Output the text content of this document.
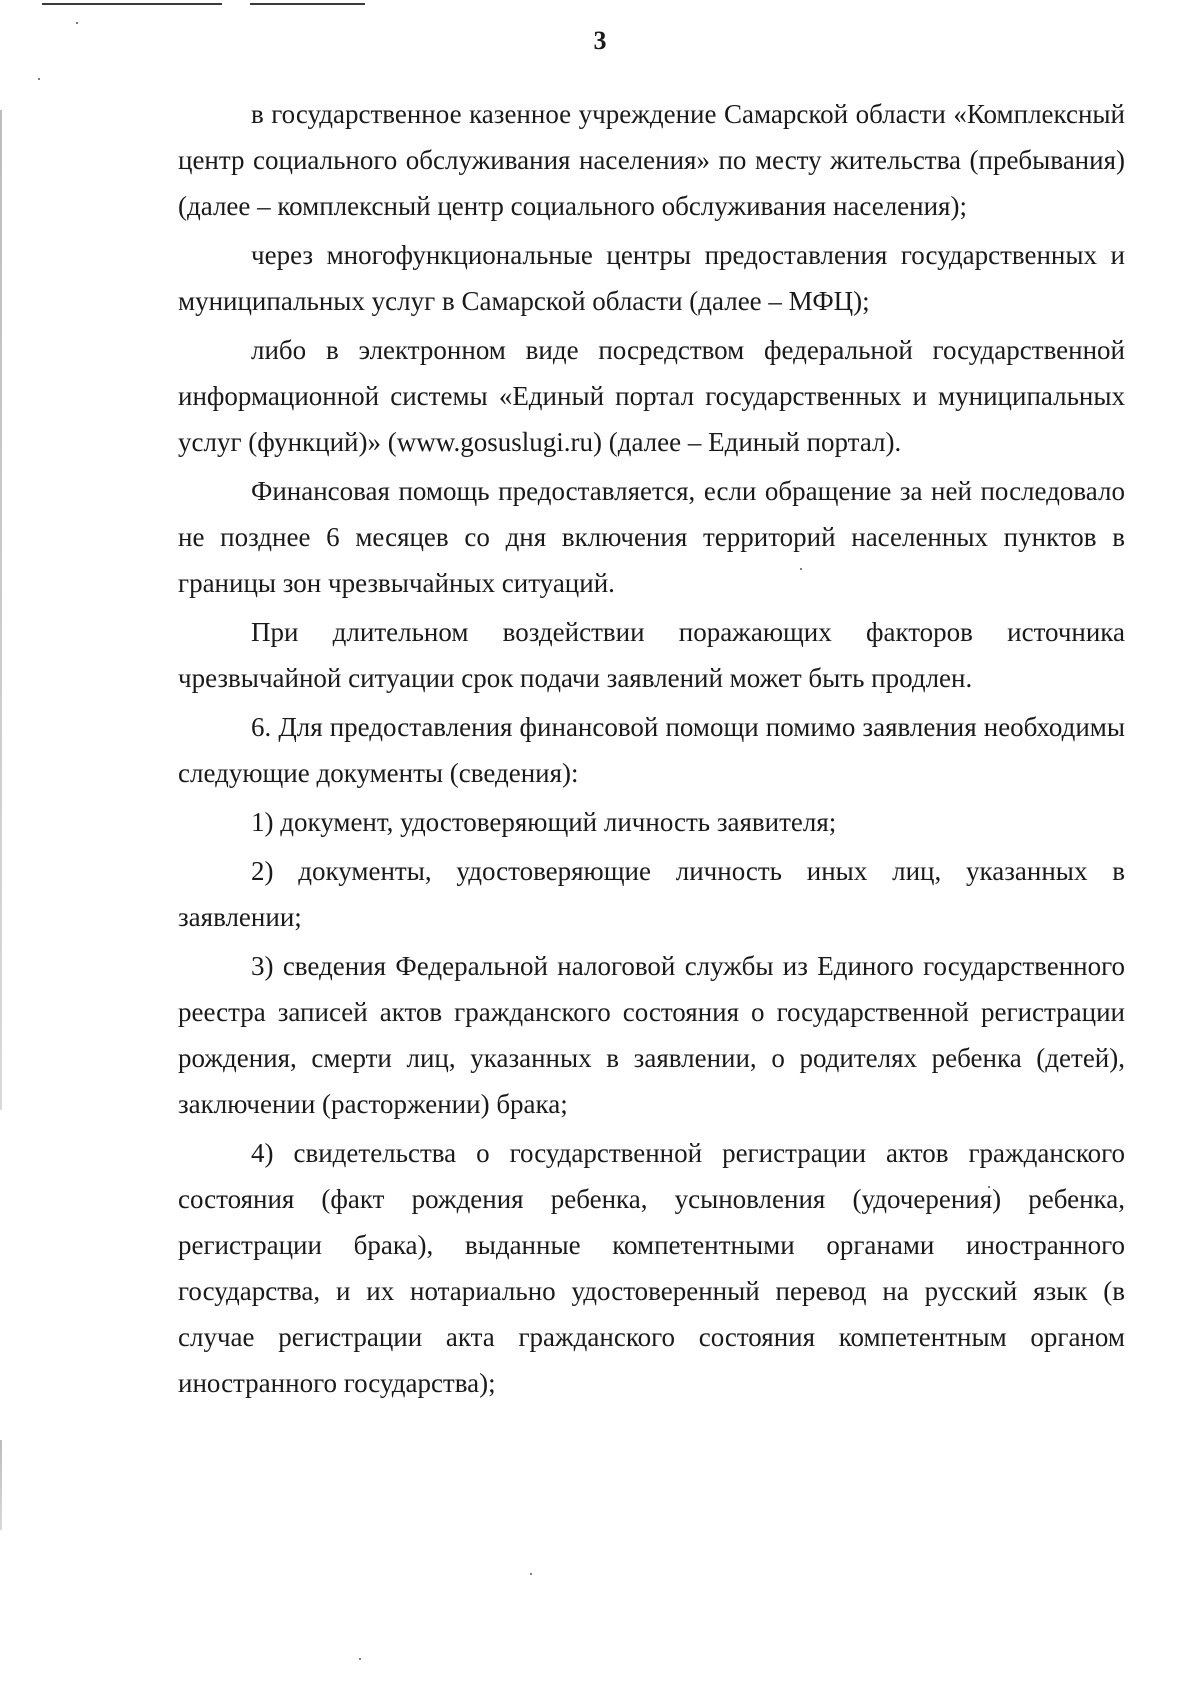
3

в государственное казенное учреждение Самарской области «Комплексный центр социального обслуживания населения» по месту жительства (пребывания) (далее – комплексный центр социального обслуживания населения);

через многофункциональные центры предоставления государственных и муниципальных услуг в Самарской области (далее – МФЦ);

либо в электронном виде посредством федеральной государственной информационной системы «Единый портал государственных и муниципальных услуг (функций)» (www.gosuslugi.ru) (далее – Единый портал).

Финансовая помощь предоставляется, если обращение за ней последовало не позднее 6 месяцев со дня включения территорий населенных пунктов в границы зон чрезвычайных ситуаций.

При длительном воздействии поражающих факторов источника чрезвычайной ситуации срок подачи заявлений может быть продлен.

6. Для предоставления финансовой помощи помимо заявления необходимы следующие документы (сведения):

1) документ, удостоверяющий личность заявителя;

2) документы, удостоверяющие личность иных лиц, указанных в заявлении;

3) сведения Федеральной налоговой службы из Единого государственного реестра записей актов гражданского состояния о государственной регистрации рождения, смерти лиц, указанных в заявлении, о родителях ребенка (детей), заключении (расторжении) брака;

4) свидетельства о государственной регистрации актов гражданского состояния (факт рождения ребенка, усыновления (удочерения) ребенка, регистрации брака), выданные компетентными органами иностранного государства, и их нотариально удостоверенный перевод на русский язык (в случае регистрации акта гражданского состояния компетентным органом иностранного государства);
